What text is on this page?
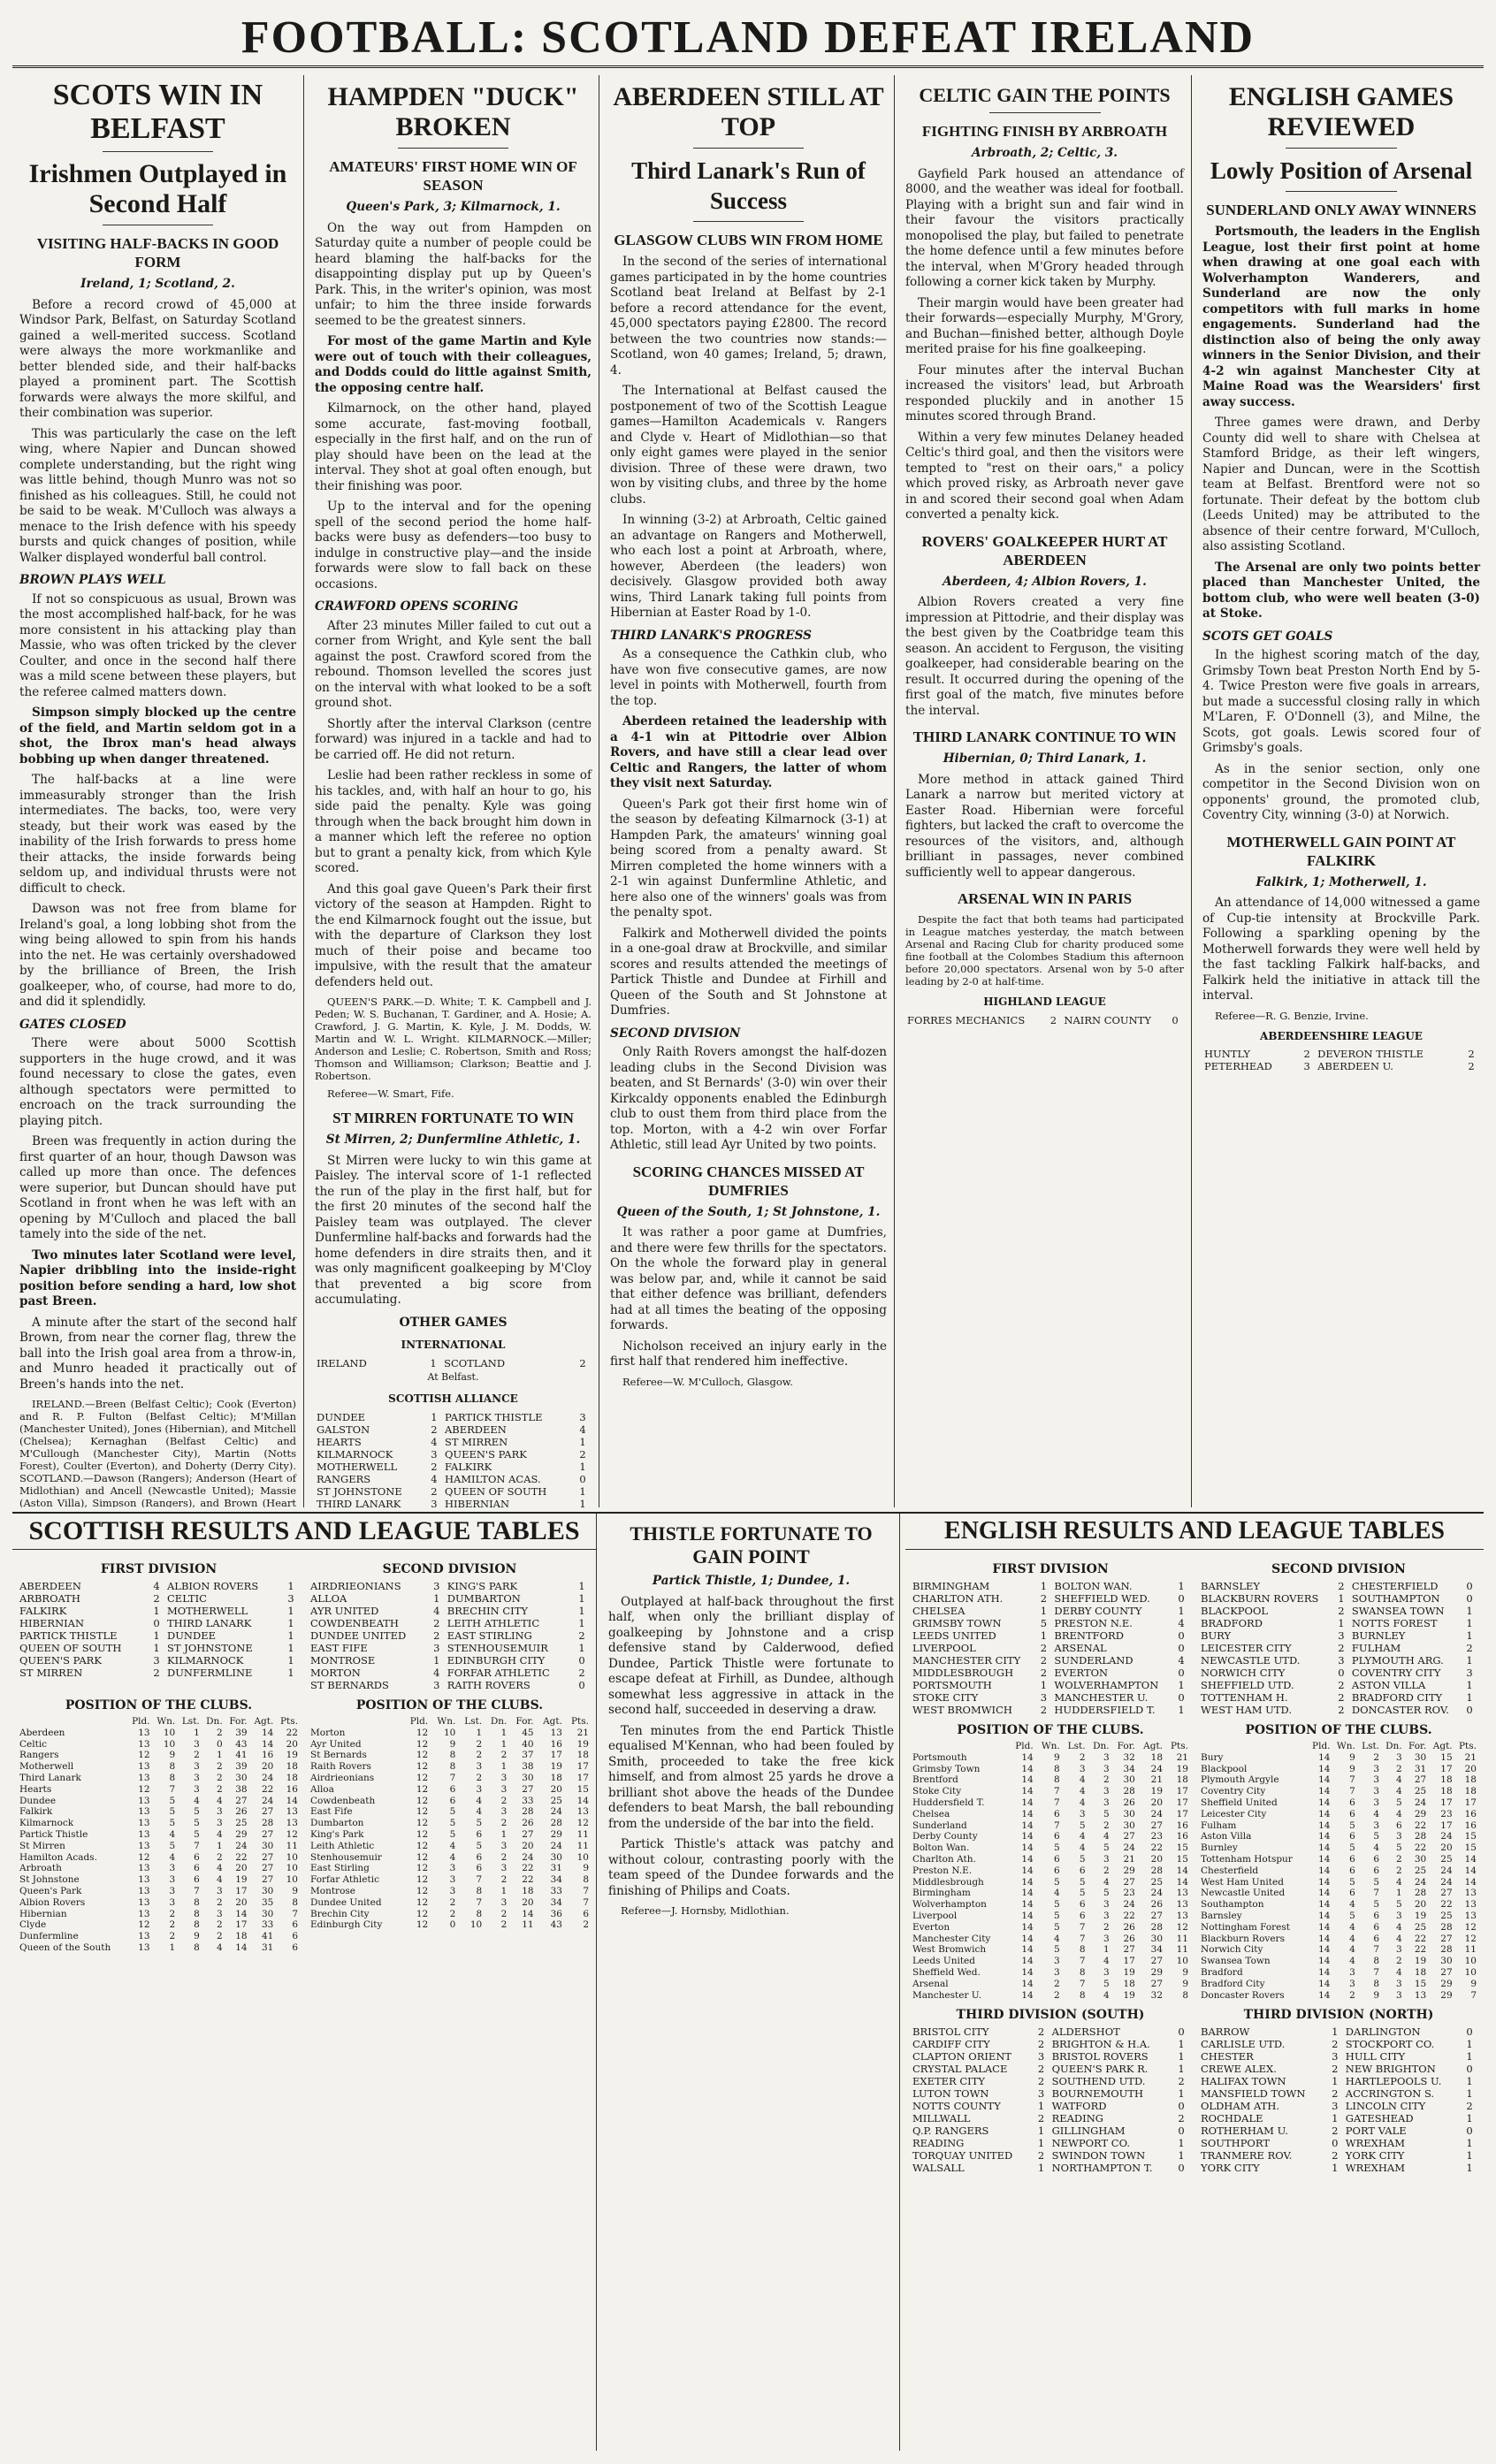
FOOTBALL: SCOTLAND DEFEAT IRELAND
SCOTS WIN IN BELFAST
Irishmen Outplayed in Second Half
VISITING HALF-BACKS IN GOOD FORM
Ireland, 1; Scotland, 2.

Before a record crowd of 45,000 at Windsor Park, Belfast, on Saturday Scotland gained a well-merited success. Scotland were always the more workmanlike and better blended side, and their half-backs played a prominent part. The Scottish forwards were always the more skilful, and their combination was superior.

This was particularly the case on the left wing, where Napier and Duncan showed complete understanding, but the right wing was little behind, though Munro was not so finished as his colleagues. Still, he could not be said to be weak. M'Culloch was always a menace to the Irish defence with his speedy bursts and quick changes of position, while Walker displayed wonderful ball control.

BROWN PLAYS WELL

If not so conspicuous as usual, Brown was the most accomplished half-back, for he was more consistent in his attacking play than Massie, who was often tricked by the clever Coulter, and once in the second half there was a mild scene between these players, but the referee calmed matters down.

Simpson simply blocked up the centre of the field, and Martin seldom got in a shot, the Ibrox man's head always bobbing up when danger threatened.

The half-backs at a line were immeasurably stronger than the Irish intermediates. The backs, too, were very steady, but their work was eased by the inability of the Irish forwards to press home their attacks, the inside forwards being seldom up, and individual thrusts were not difficult to check.

Dawson was not free from blame for Ireland's goal, a long lobbing shot from the wing being allowed to spin from his hands into the net. He was certainly overshadowed by the brilliance of Breen, the Irish goalkeeper, who, of course, had more to do, and did it splendidly.

GATES CLOSED

There were about 5000 Scottish supporters in the huge crowd, and it was found necessary to close the gates, even although spectators were permitted to encroach on the track surrounding the playing pitch.

Breen was frequently in action during the first quarter of an hour, though Dawson was called up more than once. The defences were superior, but Duncan should have put Scotland in front when he was left with an opening by M'Culloch and placed the ball tamely into the side of the net.

Two minutes later Scotland were level, Napier dribbling into the inside-right position before sending a hard, low shot past Breen.

A minute after the start of the second half Brown, from near the corner flag, threw the ball into the Irish goal area from a throw-in, and Munro headed it practically out of Breen's hands into the net.

IRELAND.—Breen (Belfast Celtic); Cook (Everton) and R. P. Fulton (Belfast Celtic); M'Millan (Manchester United), Jones (Hibernian), and Mitchell (Chelsea); Kernaghan (Belfast Celtic) and M'Cullough (Manchester City), Martin (Notts Forest), Coulter (Everton), and Doherty (Derry City). SCOTLAND.—Dawson (Rangers); Anderson (Heart of Midlothian) and Ancell (Newcastle United); Massie (Aston Villa), Simpson (Rangers), and Brown (Heart

HAMPDEN "DUCK" BROKEN
AMATEURS' FIRST HOME WIN OF SEASON
Queen's Park, 3; Kilmarnock, 1.

On the way out from Hampden on Saturday quite a number of people could be heard blaming the half-backs for the disappointing display put up by Queen's Park. This, in the writer's opinion, was most unfair; to him the three inside forwards seemed to be the greatest sinners.

For most of the game Martin and Kyle were out of touch with their colleagues, and Dodds could do little against Smith, the opposing centre half.

Kilmarnock, on the other hand, played some accurate, fast-moving football, especially in the first half, and on the run of play should have been on the lead at the interval. They shot at goal often enough, but their finishing was poor.

Up to the interval and for the opening spell of the second period the home half-backs were busy as defenders—too busy to indulge in constructive play—and the inside forwards were slow to fall back on these occasions.

CRAWFORD OPENS SCORING

After 23 minutes Miller failed to cut out a corner from Wright, and Kyle sent the ball against the post. Crawford scored from the rebound. Thomson levelled the scores just on the interval with what looked to be a soft ground shot.

Shortly after the interval Clarkson (centre forward) was injured in a tackle and had to be carried off. He did not return.

Leslie had been rather reckless in some of his tackles, and, with half an hour to go, his side paid the penalty. Kyle was going through when the back brought him down in a manner which left the referee no option but to grant a penalty kick, from which Kyle scored.

And this goal gave Queen's Park their first victory of the season at Hampden. Right to the end Kilmarnock fought out the issue, but with the departure of Clarkson they lost much of their poise and became too impulsive, with the result that the amateur defenders held out.

QUEEN'S PARK.—D. White; T. K. Campbell and J. Peden; W. S. Buchanan, T. Gardiner, and A. Hosie; A. Crawford, J. G. Martin, K. Kyle, J. M. Dodds, W. Martin and W. L. Wright. KILMARNOCK.—Miller; Anderson and Leslie; C. Robertson, Smith and Ross; Thomson and Williamson; Clarkson; Beattie and J. Robertson.

Referee—W. Smart, Fife.

ST MIRREN FORTUNATE TO WIN
St Mirren, 2; Dunfermline Athletic, 1.

St Mirren were lucky to win this game at Paisley. The interval score of 1-1 reflected the run of the play in the first half, but for the first 20 minutes of the second half the Paisley team was outplayed. The clever Dunfermline half-backs and forwards had the home defenders in dire straits then, and it was only magnificent goalkeeping by M'Cloy that prevented a big score from accumulating.

OTHER GAMES
INTERNATIONAL
IRELAND	1	SCOTLAND	2
At Belfast.
SCOTTISH ALLIANCE
DUNDEE	1	PARTICK THISTLE	3
GALSTON	2	ABERDEEN	4
HEARTS	4	ST MIRREN	1
KILMARNOCK	3	QUEEN'S PARK	2
MOTHERWELL	2	FALKIRK	1
RANGERS	4	HAMILTON ACAS.	0
ST JOHNSTONE	2	QUEEN OF SOUTH	1
THIRD LANARK	3	HIBERNIAN	1

ABERDEEN STILL AT TOP
Third Lanark's Run of Success
GLASGOW CLUBS WIN FROM HOME

In the second of the series of international games participated in by the home countries Scotland beat Ireland at Belfast by 2-1 before a record attendance for the event, 45,000 spectators paying £2800. The record between the two countries now stands:—Scotland, won 40 games; Ireland, 5; drawn, 4.

The International at Belfast caused the postponement of two of the Scottish League games—Hamilton Academicals v. Rangers and Clyde v. Heart of Midlothian—so that only eight games were played in the senior division. Three of these were drawn, two won by visiting clubs, and three by the home clubs.

In winning (3-2) at Arbroath, Celtic gained an advantage on Rangers and Motherwell, who each lost a point at Arbroath, where, however, Aberdeen (the leaders) won decisively. Glasgow provided both away wins, Third Lanark taking full points from Hibernian at Easter Road by 1-0.

THIRD LANARK'S PROGRESS

As a consequence the Cathkin club, who have won five consecutive games, are now level in points with Motherwell, fourth from the top.

Aberdeen retained the leadership with a 4-1 win at Pittodrie over Albion Rovers, and have still a clear lead over Celtic and Rangers, the latter of whom they visit next Saturday.

Queen's Park got their first home win of the season by defeating Kilmarnock (3-1) at Hampden Park, the amateurs' winning goal being scored from a penalty award. St Mirren completed the home winners with a 2-1 win against Dunfermline Athletic, and here also one of the winners' goals was from the penalty spot.

Falkirk and Motherwell divided the points in a one-goal draw at Brockville, and similar scores and results attended the meetings of Partick Thistle and Dundee at Firhill and Queen of the South and St Johnstone at Dumfries.

SECOND DIVISION

Only Raith Rovers amongst the half-dozen leading clubs in the Second Division was beaten, and St Bernards' (3-0) win over their Kirkcaldy opponents enabled the Edinburgh club to oust them from third place from the top. Morton, with a 4-2 win over Forfar Athletic, still lead Ayr United by two points.

SCORING CHANCES MISSED AT DUMFRIES
Queen of the South, 1; St Johnstone, 1.

It was rather a poor game at Dumfries, and there were few thrills for the spectators. On the whole the forward play in general was below par, and, while it cannot be said that either defence was brilliant, defenders had at all times the beating of the opposing forwards.

Nicholson received an injury early in the first half that rendered him ineffective.

Referee—W. M'Culloch, Glasgow.

CELTIC GAIN THE POINTS
FIGHTING FINISH BY ARBROATH
Arbroath, 2; Celtic, 3.

Gayfield Park housed an attendance of 8000, and the weather was ideal for football. Playing with a bright sun and fair wind in their favour the visitors practically monopolised the play, but failed to penetrate the home defence until a few minutes before the interval, when M'Grory headed through following a corner kick taken by Murphy.

Their margin would have been greater had their forwards—especially Murphy, M'Grory, and Buchan—finished better, although Doyle merited praise for his fine goalkeeping.

Four minutes after the interval Buchan increased the visitors' lead, but Arbroath responded pluckily and in another 15 minutes scored through Brand.

Within a very few minutes Delaney headed Celtic's third goal, and then the visitors were tempted to "rest on their oars," a policy which proved risky, as Arbroath never gave in and scored their second goal when Adam converted a penalty kick.

ROVERS' GOALKEEPER HURT AT ABERDEEN
Aberdeen, 4; Albion Rovers, 1.

Albion Rovers created a very fine impression at Pittodrie, and their display was the best given by the Coatbridge team this season. An accident to Ferguson, the visiting goalkeeper, had considerable bearing on the result. It occurred during the opening of the first goal of the match, five minutes before the interval.

THIRD LANARK CONTINUE TO WIN
Hibernian, 0; Third Lanark, 1.

More method in attack gained Third Lanark a narrow but merited victory at Easter Road. Hibernian were forceful fighters, but lacked the craft to overcome the resources of the visitors, and, although brilliant in passages, never combined sufficiently well to appear dangerous.

ARSENAL WIN IN PARIS

Despite the fact that both teams had participated in League matches yesterday, the match between Arsenal and Racing Club for charity produced some fine football at the Colombes Stadium this afternoon before 20,000 spectators. Arsenal won by 5-0 after leading by 2-0 at half-time.

HIGHLAND LEAGUE
FORRES MECHANICS	2	NAIRN COUNTY	0
ENGLISH GAMES REVIEWED
Lowly Position of Arsenal
SUNDERLAND ONLY AWAY WINNERS

Portsmouth, the leaders in the English League, lost their first point at home when drawing at one goal each with Wolverhampton Wanderers, and Sunderland are now the only competitors with full marks in home engagements. Sunderland had the distinction also of being the only away winners in the Senior Division, and their 4-2 win against Manchester City at Maine Road was the Wearsiders' first away success.

Three games were drawn, and Derby County did well to share with Chelsea at Stamford Bridge, as their left wingers, Napier and Duncan, were in the Scottish team at Belfast. Brentford were not so fortunate. Their defeat by the bottom club (Leeds United) may be attributed to the absence of their centre forward, M'Culloch, also assisting Scotland.

The Arsenal are only two points better placed than Manchester United, the bottom club, who were well beaten (3-0) at Stoke.

SCOTS GET GOALS

In the highest scoring match of the day, Grimsby Town beat Preston North End by 5-4. Twice Preston were five goals in arrears, but made a successful closing rally in which M'Laren, F. O'Donnell (3), and Milne, the Scots, got goals. Lewis scored four of Grimsby's goals.

As in the senior section, only one competitor in the Second Division won on opponents' ground, the promoted club, Coventry City, winning (3-0) at Norwich.

MOTHERWELL GAIN POINT AT FALKIRK
Falkirk, 1; Motherwell, 1.

An attendance of 14,000 witnessed a game of Cup-tie intensity at Brockville Park. Following a sparkling opening by the Motherwell forwards they were well held by the fast tackling Falkirk half-backs, and Falkirk held the initiative in attack till the interval.

Referee—R. G. Benzie, Irvine.

ABERDEENSHIRE LEAGUE
HUNTLY	2	DEVERON THISTLE	2
PETERHEAD	3	ABERDEEN U.	2
SCOTTISH RESULTS AND LEAGUE TABLES
FIRST DIVISION
ABERDEEN	4	ALBION ROVERS	1
ARBROATH	2	CELTIC	3
FALKIRK	1	MOTHERWELL	1
HIBERNIAN	0	THIRD LANARK	1
PARTICK THISTLE	1	DUNDEE	1
QUEEN OF SOUTH	1	ST JOHNSTONE	1
QUEEN'S PARK	3	KILMARNOCK	1
ST MIRREN	2	DUNFERMLINE	1
SECOND DIVISION
AIRDRIEONIANS	3	KING'S PARK	1
ALLOA	1	DUMBARTON	1
AYR UNITED	4	BRECHIN CITY	1
COWDENBEATH	2	LEITH ATHLETIC	1
DUNDEE UNITED	2	EAST STIRLING	2
EAST FIFE	3	STENHOUSEMUIR	1
MONTROSE	1	EDINBURGH CITY	0
MORTON	4	FORFAR ATHLETIC	2
ST BERNARDS	3	RAITH ROVERS	0
POSITION OF THE CLUBS.
	Pld.	Wn.	Lst.	Dn.	For.	Agt.	Pts.
Aberdeen	13	10	1	2	39	14	22
Celtic	13	10	3	0	43	14	20
Rangers	12	9	2	1	41	16	19
Motherwell	13	8	3	2	39	20	18
Third Lanark	13	8	3	2	30	24	18
Hearts	12	7	3	2	38	22	16
Dundee	13	5	4	4	27	24	14
Falkirk	13	5	5	3	26	27	13
Kilmarnock	13	5	5	3	25	28	13
Partick Thistle	13	4	5	4	29	27	12
St Mirren	13	5	7	1	24	30	11
Hamilton Acads.	12	4	6	2	22	27	10
Arbroath	13	3	6	4	20	27	10
St Johnstone	13	3	6	4	19	27	10
Queen's Park	13	3	7	3	17	30	9
Albion Rovers	13	3	8	2	20	35	8
Hibernian	13	2	8	3	14	30	7
Clyde	12	2	8	2	17	33	6
Dunfermline	13	2	9	2	18	41	6
Queen of the South	13	1	8	4	14	31	6
POSITION OF THE CLUBS.
	Pld.	Wn.	Lst.	Dn.	For.	Agt.	Pts.
Morton	12	10	1	1	45	13	21
Ayr United	12	9	2	1	40	16	19
St Bernards	12	8	2	2	37	17	18
Raith Rovers	12	8	3	1	38	19	17
Airdrieonians	12	7	2	3	30	18	17
Alloa	12	6	3	3	27	20	15
Cowdenbeath	12	6	4	2	33	25	14
East Fife	12	5	4	3	28	24	13
Dumbarton	12	5	5	2	26	28	12
King's Park	12	5	6	1	27	29	11
Leith Athletic	12	4	5	3	20	24	11
Stenhousemuir	12	4	6	2	24	30	10
East Stirling	12	3	6	3	22	31	9
Forfar Athletic	12	3	7	2	22	34	8
Montrose	12	3	8	1	18	33	7
Dundee United	12	2	7	3	20	34	7
Brechin City	12	2	8	2	14	36	6
Edinburgh City	12	0	10	2	11	43	2
THISTLE FORTUNATE TO GAIN POINT
Partick Thistle, 1; Dundee, 1.

Outplayed at half-back throughout the first half, when only the brilliant display of goalkeeping by Johnstone and a crisp defensive stand by Calderwood, defied Dundee, Partick Thistle were fortunate to escape defeat at Firhill, as Dundee, although somewhat less aggressive in attack in the second half, succeeded in deserving a draw.

Ten minutes from the end Partick Thistle equalised M'Kennan, who had been fouled by Smith, proceeded to take the free kick himself, and from almost 25 yards he drove a brilliant shot above the heads of the Dundee defenders to beat Marsh, the ball rebounding from the underside of the bar into the field.

Partick Thistle's attack was patchy and without colour, contrasting poorly with the team speed of the Dundee forwards and the finishing of Philips and Coats.

Referee—J. Hornsby, Midlothian.

ENGLISH RESULTS AND LEAGUE TABLES
FIRST DIVISION
BIRMINGHAM	1	BOLTON WAN.	1
CHARLTON ATH.	2	SHEFFIELD WED.	0
CHELSEA	1	DERBY COUNTY	1
GRIMSBY TOWN	5	PRESTON N.E.	4
LEEDS UNITED	1	BRENTFORD	0
LIVERPOOL	2	ARSENAL	0
MANCHESTER CITY	2	SUNDERLAND	4
MIDDLESBROUGH	2	EVERTON	0
PORTSMOUTH	1	WOLVERHAMPTON	1
STOKE CITY	3	MANCHESTER U.	0
WEST BROMWICH	2	HUDDERSFIELD T.	1
POSITION OF THE CLUBS.
	Pld.	Wn.	Lst.	Dn.	For.	Agt.	Pts.
Portsmouth	14	9	2	3	32	18	21
Grimsby Town	14	8	3	3	34	24	19
Brentford	14	8	4	2	30	21	18
Stoke City	14	7	4	3	28	19	17
Huddersfield T.	14	7	4	3	26	20	17
Chelsea	14	6	3	5	30	24	17
Sunderland	14	7	5	2	30	27	16
Derby County	14	6	4	4	27	23	16
Bolton Wan.	14	5	4	5	24	22	15
Charlton Ath.	14	6	5	3	21	20	15
Preston N.E.	14	6	6	2	29	28	14
Middlesbrough	14	5	5	4	27	25	14
Birmingham	14	4	5	5	23	24	13
Wolverhampton	14	5	6	3	24	26	13
Liverpool	14	5	6	3	22	27	13
Everton	14	5	7	2	26	28	12
Manchester City	14	4	7	3	26	30	11
West Bromwich	14	5	8	1	27	34	11
Leeds United	14	3	7	4	17	27	10
Sheffield Wed.	14	3	8	3	19	29	9
Arsenal	14	2	7	5	18	27	9
Manchester U.	14	2	8	4	19	32	8
THIRD DIVISION (SOUTH)
BRISTOL CITY	2	ALDERSHOT	0
CARDIFF CITY	2	BRIGHTON & H.A.	1
CLAPTON ORIENT	3	BRISTOL ROVERS	1
CRYSTAL PALACE	2	QUEEN'S PARK R.	1
EXETER CITY	2	SOUTHEND UTD.	2
LUTON TOWN	3	BOURNEMOUTH	1
NOTTS COUNTY	1	WATFORD	0
MILLWALL	2	READING	2
Q.P. RANGERS	1	GILLINGHAM	0
READING	1	NEWPORT CO.	1
TORQUAY UNITED	2	SWINDON TOWN	1
WALSALL	1	NORTHAMPTON T.	0
SECOND DIVISION
BARNSLEY	2	CHESTERFIELD	0
BLACKBURN ROVERS	1	SOUTHAMPTON	0
BLACKPOOL	2	SWANSEA TOWN	1
BRADFORD	1	NOTTS FOREST	1
BURY	3	BURNLEY	1
LEICESTER CITY	2	FULHAM	2
NEWCASTLE UTD.	3	PLYMOUTH ARG.	1
NORWICH CITY	0	COVENTRY CITY	3
SHEFFIELD UTD.	2	ASTON VILLA	1
TOTTENHAM H.	2	BRADFORD CITY	1
WEST HAM UTD.	2	DONCASTER ROV.	0
POSITION OF THE CLUBS.
	Pld.	Wn.	Lst.	Dn.	For.	Agt.	Pts.
Bury	14	9	2	3	30	15	21
Blackpool	14	9	3	2	31	17	20
Plymouth Argyle	14	7	3	4	27	18	18
Coventry City	14	7	3	4	25	18	18
Sheffield United	14	6	3	5	24	17	17
Leicester City	14	6	4	4	29	23	16
Fulham	14	5	3	6	22	17	16
Aston Villa	14	6	5	3	28	24	15
Burnley	14	5	4	5	22	20	15
Tottenham Hotspur	14	6	6	2	30	25	14
Chesterfield	14	6	6	2	25	24	14
West Ham United	14	5	5	4	24	24	14
Newcastle United	14	6	7	1	28	27	13
Southampton	14	4	5	5	20	22	13
Barnsley	14	5	6	3	19	25	13
Nottingham Forest	14	4	6	4	25	28	12
Blackburn Rovers	14	4	6	4	22	27	12
Norwich City	14	4	7	3	22	28	11
Swansea Town	14	4	8	2	19	30	10
Bradford	14	3	7	4	18	27	10
Bradford City	14	3	8	3	15	29	9
Doncaster Rovers	14	2	9	3	13	29	7
THIRD DIVISION (NORTH)
BARROW	1	DARLINGTON	0
CARLISLE UTD.	2	STOCKPORT CO.	1
CHESTER	3	HULL CITY	1
CREWE ALEX.	2	NEW BRIGHTON	0
HALIFAX TOWN	1	HARTLEPOOLS U.	1
MANSFIELD TOWN	2	ACCRINGTON S.	1
OLDHAM ATH.	3	LINCOLN CITY	2
ROCHDALE	1	GATESHEAD	1
ROTHERHAM U.	2	PORT VALE	0
SOUTHPORT	0	WREXHAM	1
TRANMERE ROV.	2	YORK CITY	1
YORK CITY	1	WREXHAM	1
